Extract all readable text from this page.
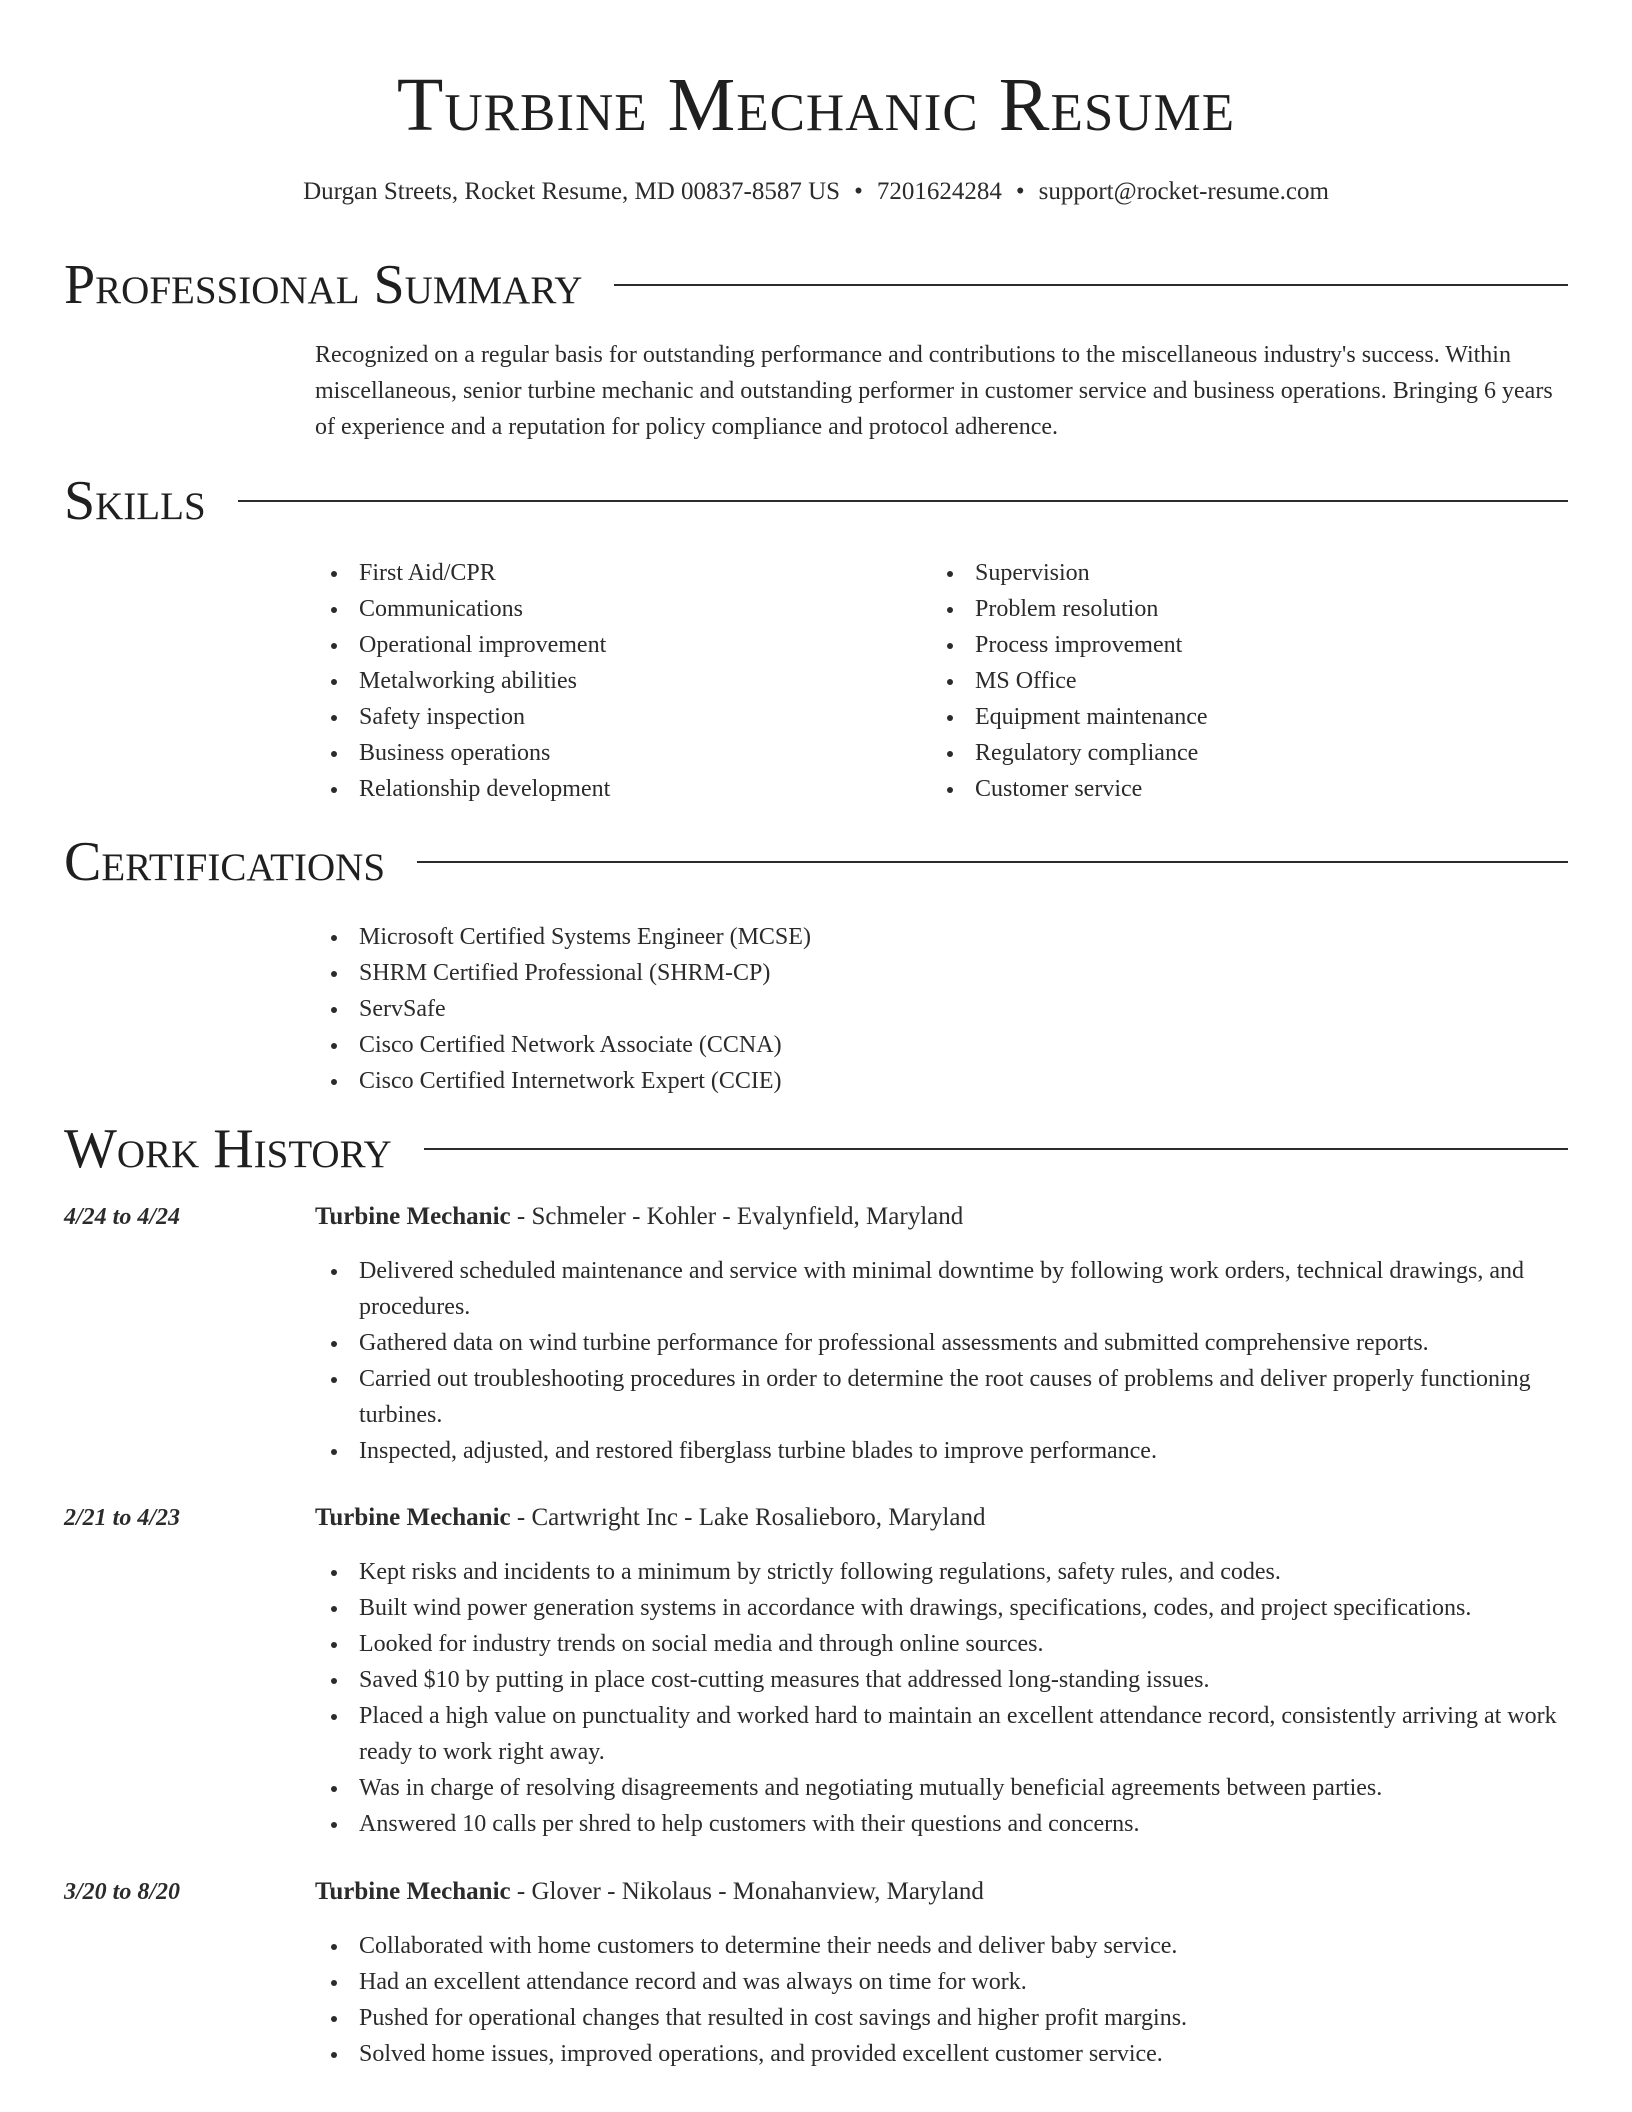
Turbine Mechanic Resume
Durgan Streets, Rocket Resume, MD 00837-8587 US • 7201624284 • support@rocket-resume.com
Professional Summary

Recognized on a regular basis for outstanding performance and contributions to the miscellaneous industry's success. Within miscellaneous, senior turbine mechanic and outstanding performer in customer service and business operations. Bringing 6 years of experience and a reputation for policy compliance and protocol adherence.

Skills
First Aid/CPR
Communications
Operational improvement
Metalworking abilities
Safety inspection
Business operations
Relationship development
Supervision
Problem resolution
Process improvement
MS Office
Equipment maintenance
Regulatory compliance
Customer service
Certifications
Microsoft Certified Systems Engineer (MCSE)
SHRM Certified Professional (SHRM-CP)
ServSafe
Cisco Certified Network Associate (CCNA)
Cisco Certified Internetwork Expert (CCIE)
Work History
4/24 to 4/24	Turbine Mechanic - Schmeler - Kohler - Evalynfield, Maryland
Delivered scheduled maintenance and service with minimal downtime by following work orders, technical drawings, and procedures.
Gathered data on wind turbine performance for professional assessments and submitted comprehensive reports.
Carried out troubleshooting procedures in order to determine the root causes of problems and deliver properly functioning turbines.
Inspected, adjusted, and restored fiberglass turbine blades to improve performance.
2/21 to 4/23	Turbine Mechanic - Cartwright Inc - Lake Rosalieboro, Maryland
Kept risks and incidents to a minimum by strictly following regulations, safety rules, and codes.
Built wind power generation systems in accordance with drawings, specifications, codes, and project specifications.
Looked for industry trends on social media and through online sources.
Saved $10 by putting in place cost-cutting measures that addressed long-standing issues.
Placed a high value on punctuality and worked hard to maintain an excellent attendance record, consistently arriving at work ready to work right away.
Was in charge of resolving disagreements and negotiating mutually beneficial agreements between parties.
Answered 10 calls per shred to help customers with their questions and concerns.
3/20 to 8/20	Turbine Mechanic - Glover - Nikolaus - Monahanview, Maryland
Collaborated with home customers to determine their needs and deliver baby service.
Had an excellent attendance record and was always on time for work.
Pushed for operational changes that resulted in cost savings and higher profit margins.
Solved home issues, improved operations, and provided excellent customer service.
